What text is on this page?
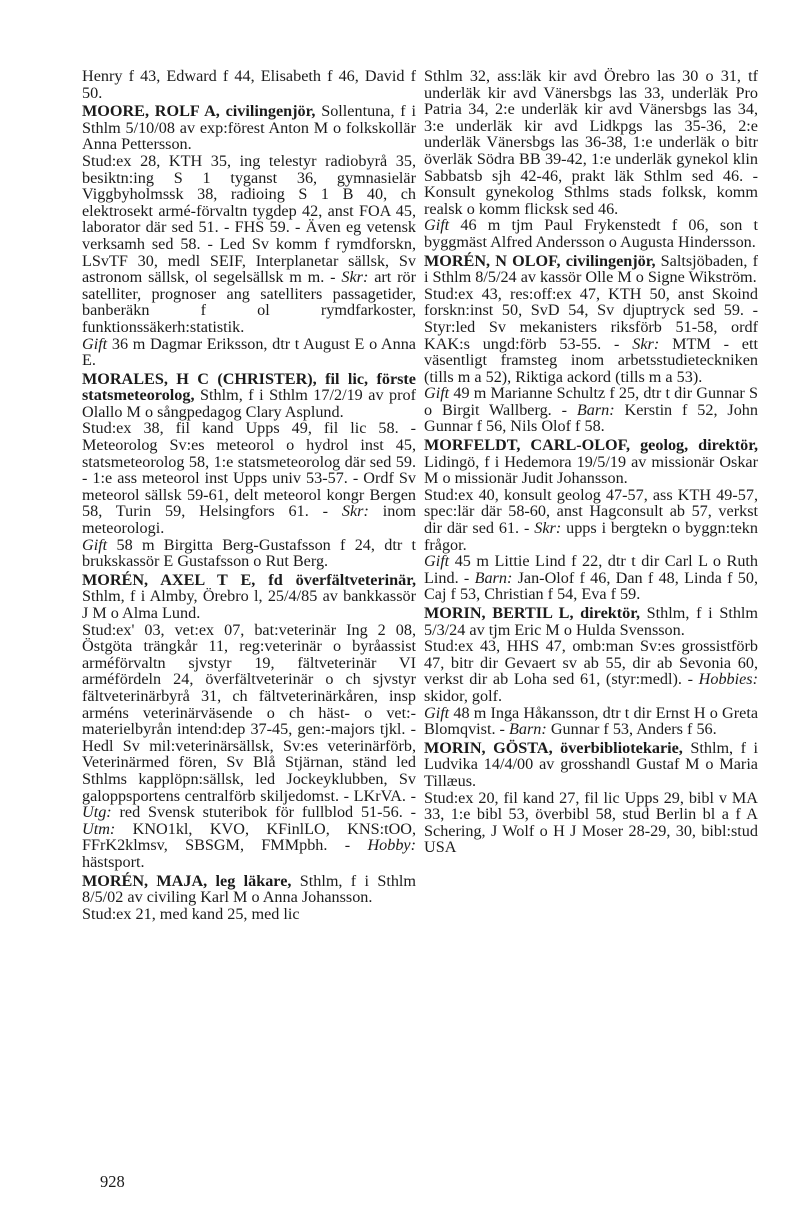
Henry f 43, Edward f 44, Elisabeth f 46, David f 50.

MOORE, ROLF A, civilingenjör, Sollentuna, f i Sthlm 5/10/08 av exp:förest Anton M o folkskollär Anna Pettersson.

Stud:ex 28, KTH 35, ing telestyr radiobyrå 35, besiktn:ing S 1 tyganst 36, gymnasielär Viggbyholmssk 38, radioing S 1 B 40, ch elektrosekt armé-förvaltn tygdep 42, anst FOA 45, laborator där sed 51. - FHS 59. - Även eg vetensk verksamh sed 58. - Led Sv komm f rymdforskn, LSvTF 30, medl SEIF, Interplanetar sällsk, Sv astronom sällsk, ol segelsällsk m m. - Skr: art rör satelliter, prognoser ang satelliters passagetider, banberäkn f ol rymdfarkoster, funktionssäkerh:statistik.

Gift 36 m Dagmar Eriksson, dtr t August E o Anna E.

MORALES, H C (CHRISTER), fil lic, förste statsmeteorolog, Sthlm, f i Sthlm 17/2/19 av prof Olallo M o sångpedagog Clary Asplund.

Stud:ex 38, fil kand Upps 49, fil lic 58. - Meteorolog Sv:es meteorol o hydrol inst 45, statsmeteorolog 58, 1:e statsmeteorolog där sed 59. - 1:e ass meteorol inst Upps univ 53-57. - Ordf Sv meteorol sällsk 59-61, delt meteorol kongr Bergen 58, Turin 59, Helsingfors 61. - Skr: inom meteorologi.

Gift 58 m Birgitta Berg-Gustafsson f 24, dtr t brukskassör E Gustafsson o Rut Berg.

MORÉN, AXEL T E, fd överfältveterinär, Sthlm, f i Almby, Örebro l, 25/4/85 av bankkassör J M o Alma Lund.

Stud:ex' 03, vet:ex 07, bat:veterinär Ing 2 08, Östgöta trängkår 11, reg:veterinär o byråassist arméförvaltn sjvstyr 19, fältveterinär VI arméfördeln 24, överfältveterinär o ch sjvstyr fältveterinärbyrå 31, ch fältveterinärkåren, insp arméns veterinärväsende o ch häst- o vet:-materielbyrån intend:dep 37-45, gen:-majors tjkl. - Hedl Sv mil:veterinärsällsk, Sv:es veterinärförb, Veterinärmed fören, Sv Blå Stjärnan, ständ led Sthlms kapplöpn:sällsk, led Jockeyklubben, Sv galoppsportens centralförb skiljedomst. - LKrVA. - Utg: red Svensk stuteribok för fullblod 51-56. - Utm: KNO1kl, KVO, KFinlLO, KNS:tOO, FFrK2klmsv, SBSGM, FMMpbh. - Hobby: hästsport.

MORÉN, MAJA, leg läkare, Sthlm, f i Sthlm 8/5/02 av civiling Karl M o Anna Johansson.

Stud:ex 21, med kand 25, med lic

Sthlm 32, ass:läk kir avd Örebro las 30 o 31, tf underläk kir avd Vänersbgs las 33, underläk Pro Patria 34, 2:e underläk kir avd Vänersbgs las 34, 3:e underläk kir avd Lidkpgs las 35-36, 2:e underläk Vänersbgs las 36-38, 1:e underläk o bitr överläk Södra BB 39-42, 1:e underläk gynekol klin Sabbatsb sjh 42-46, prakt läk Sthlm sed 46. - Konsult gynekolog Sthlms stads folksk, komm realsk o komm flicksk sed 46.

Gift 46 m tjm Paul Frykenstedt f 06, son t byggmäst Alfred Andersson o Augusta Hindersson.

MORÉN, N OLOF, civilingenjör, Saltsjöbaden, f i Sthlm 8/5/24 av kassör Olle M o Signe Wikström.

Stud:ex 43, res:off:ex 47, KTH 50, anst Skoind forskn:inst 50, SvD 54, Sv djuptryck sed 59. - Styr:led Sv mekanisters riksförb 51-58, ordf KAK:s ungd:förb 53-55. - Skr: MTM - ett väsentligt framsteg inom arbetsstudieteckniken (tills m a 52), Riktiga ackord (tills m a 53).

Gift 49 m Marianne Schultz f 25, dtr t dir Gunnar S o Birgit Wallberg. - Barn: Kerstin f 52, John Gunnar f 56, Nils Olof f 58.

MORFELDT, CARL-OLOF, geolog, direktör, Lidingö, f i Hedemora 19/5/19 av missionär Oskar M o missionär Judit Johansson.

Stud:ex 40, konsult geolog 47-57, ass KTH 49-57, spec:lär där 58-60, anst Hagconsult ab 57, verkst dir där sed 61. - Skr: upps i bergtekn o byggn:tekn frågor.

Gift 45 m Littie Lind f 22, dtr t dir Carl L o Ruth Lind. - Barn: Jan-Olof f 46, Dan f 48, Linda f 50, Caj f 53, Christian f 54, Eva f 59.

MORIN, BERTIL L, direktör, Sthlm, f i Sthlm 5/3/24 av tjm Eric M o Hulda Svensson.

Stud:ex 43, HHS 47, omb:man Sv:es grossistförb 47, bitr dir Gevaert sv ab 55, dir ab Sevonia 60, verkst dir ab Loha sed 61, (styr:medl). - Hobbies: skidor, golf.

Gift 48 m Inga Håkansson, dtr t dir Ernst H o Greta Blomqvist. - Barn: Gunnar f 53, Anders f 56.

MORIN, GÖSTA, överbibliotekarie, Sthlm, f i Ludvika 14/4/00 av grosshandl Gustaf M o Maria Tillæus.

Stud:ex 20, fil kand 27, fil lic Upps 29, bibl v MA 33, 1:e bibl 53, överbibl 58, stud Berlin bl a f A Schering, J Wolf o H J Moser 28-29, 30, bibl:stud USA

928
